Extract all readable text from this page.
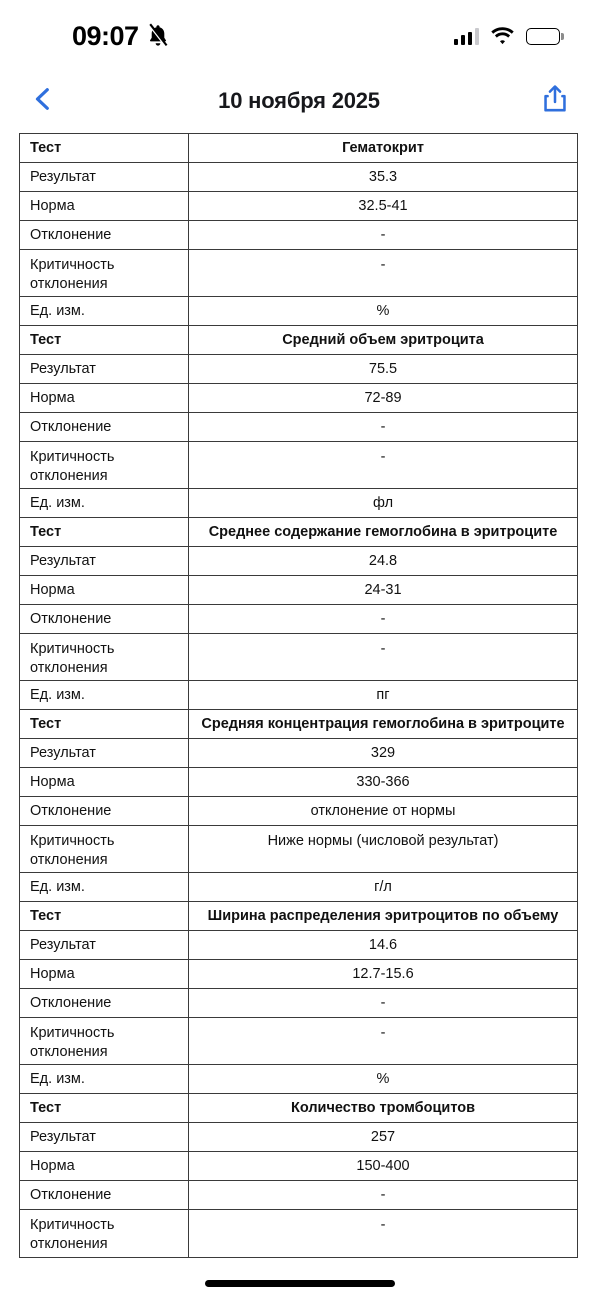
09:07
10 ноября 2025
Тест	Гематокрит
Результат	35.3
Норма	32.5-41
Отклонение	-

Критичность
отклонения	-
Ед. изм.	%
Тест	Средний объем эритроцита
Результат	75.5
Норма	72-89
Отклонение	-

Критичность
отклонения	-
Ед. изм.	фл
Тест	Среднее содержание гемоглобина в эритроците
Результат	24.8
Норма	24-31
Отклонение	-

Критичность
отклонения	-
Ед. изм.	пг
Тест	Средняя концентрация гемоглобина в эритроците
Результат	329
Норма	330-366
Отклонение	отклонение от нормы

Критичность
отклонения	Ниже нормы (числовой результат)
Ед. изм.	г/л
Тест	Ширина распределения эритроцитов по объему
Результат	14.6
Норма	12.7-15.6
Отклонение	-

Критичность
отклонения	-
Ед. изм.	%
Тест	Количество тромбоцитов
Результат	257
Норма	150-400
Отклонение	-

Критичность
отклонения	-
